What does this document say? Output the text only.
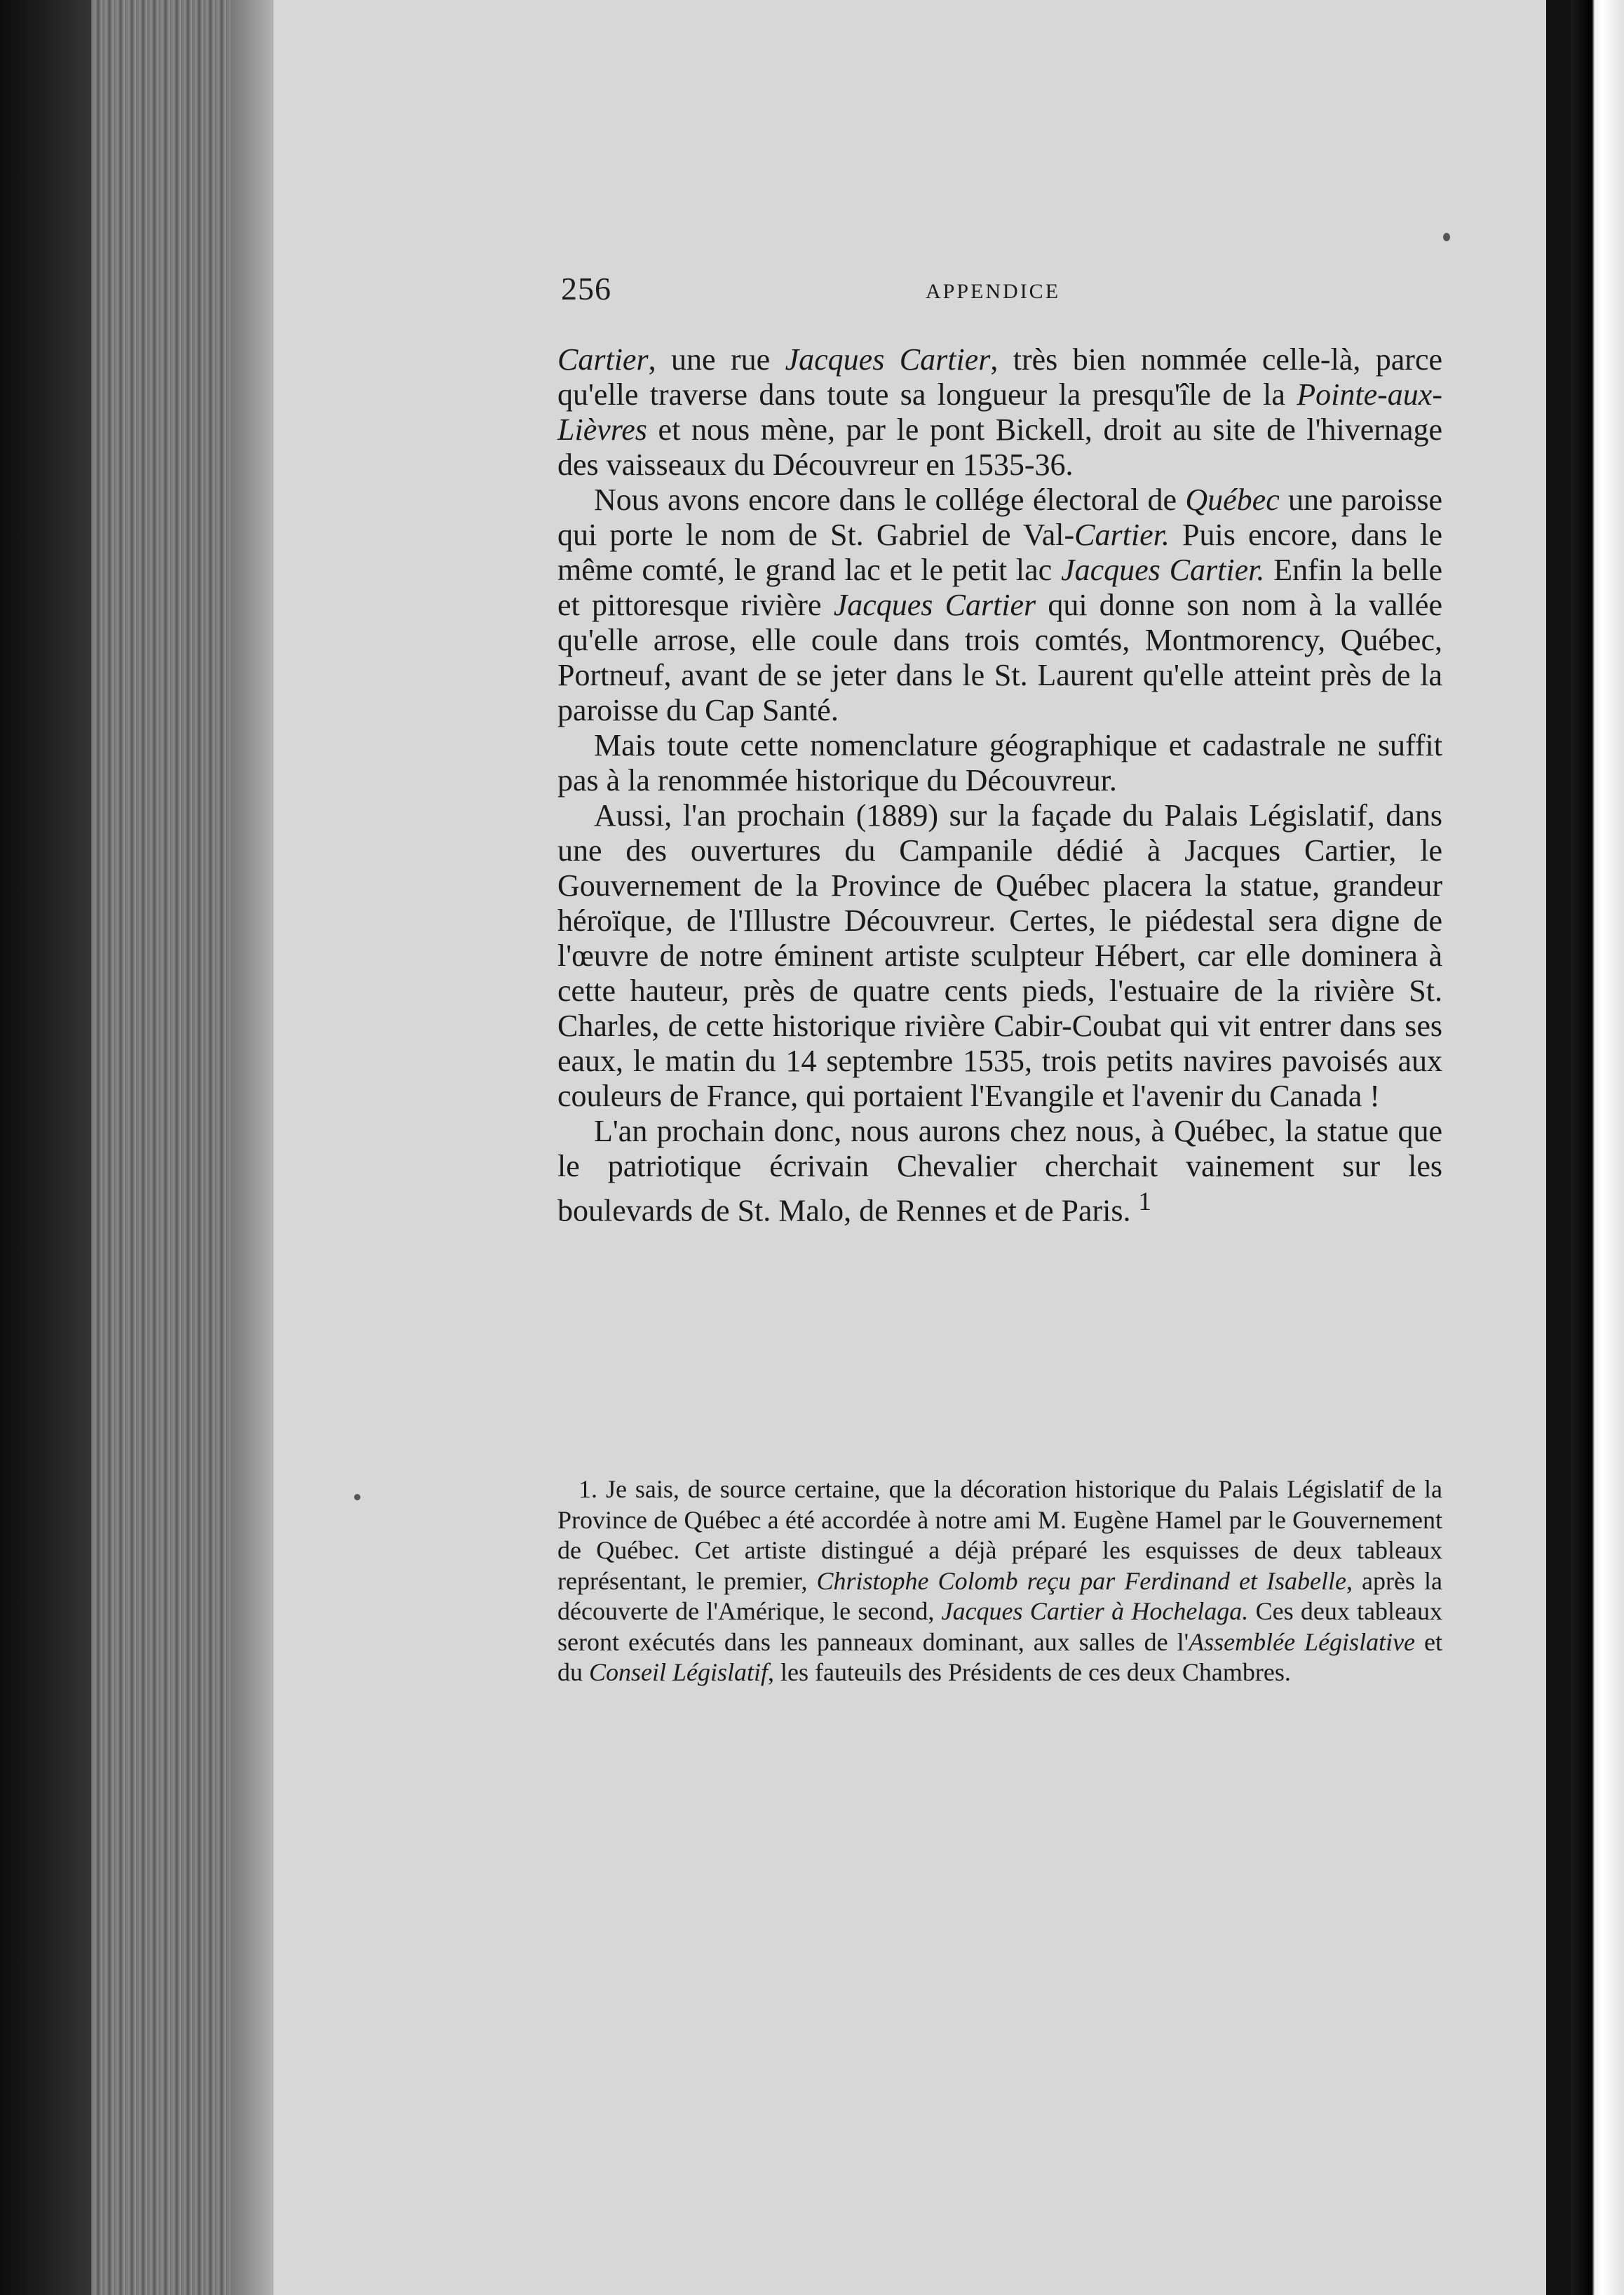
256	APPENDICE

Cartier, une rue Jacques Cartier, très bien nommée celle-là, parce qu'elle traverse dans toute sa longueur la presqu'île de la Pointe-aux-Lièvres et nous mène, par le pont Bickell, droit au site de l'hivernage des vaisseaux du Découvreur en 1535-36.

Nous avons encore dans le collége électoral de Québec une paroisse qui porte le nom de St. Gabriel de Val-Cartier. Puis encore, dans le même comté, le grand lac et le petit lac Jacques Cartier. Enfin la belle et pittoresque rivière Jacques Cartier qui donne son nom à la vallée qu'elle arrose, elle coule dans trois comtés, Montmorency, Québec, Portneuf, avant de se jeter dans le St. Laurent qu'elle atteint près de la paroisse du Cap Santé.

Mais toute cette nomenclature géographique et cadastrale ne suffit pas à la renommée historique du Découvreur.

Aussi, l'an prochain (1889) sur la façade du Palais Législatif, dans une des ouvertures du Campanile dédié à Jacques Cartier, le Gouvernement de la Province de Québec placera la statue, grandeur héroïque, de l'Illustre Découvreur. Certes, le piédestal sera digne de l'œuvre de notre éminent artiste sculpteur Hébert, car elle dominera à cette hauteur, près de quatre cents pieds, l'estuaire de la rivière St. Charles, de cette historique rivière Cabir-Coubat qui vit entrer dans ses eaux, le matin du 14 septembre 1535, trois petits navires pavoisés aux couleurs de France, qui portaient l'Evangile et l'avenir du Canada !

L'an prochain donc, nous aurons chez nous, à Québec, la statue que le patriotique écrivain Chevalier cherchait vainement sur les boulevards de St. Malo, de Rennes et de Paris. $^1$

1. Je sais, de source certaine, que la décoration historique du Palais Législatif de la Province de Québec a été accordée à notre ami M. Eugène Hamel par le Gouvernement de Québec. Cet artiste distingué a déjà préparé les esquisses de deux tableaux représentant, le premier, Christophe Colomb reçu par Ferdinand et Isabelle, après la découverte de l'Amérique, le second, Jacques Cartier à Hochelaga. Ces deux tableaux seront exécutés dans les panneaux dominant, aux salles de l'Assemblée Législative et du Conseil Législatif, les fauteuils des Présidents de ces deux Chambres.
